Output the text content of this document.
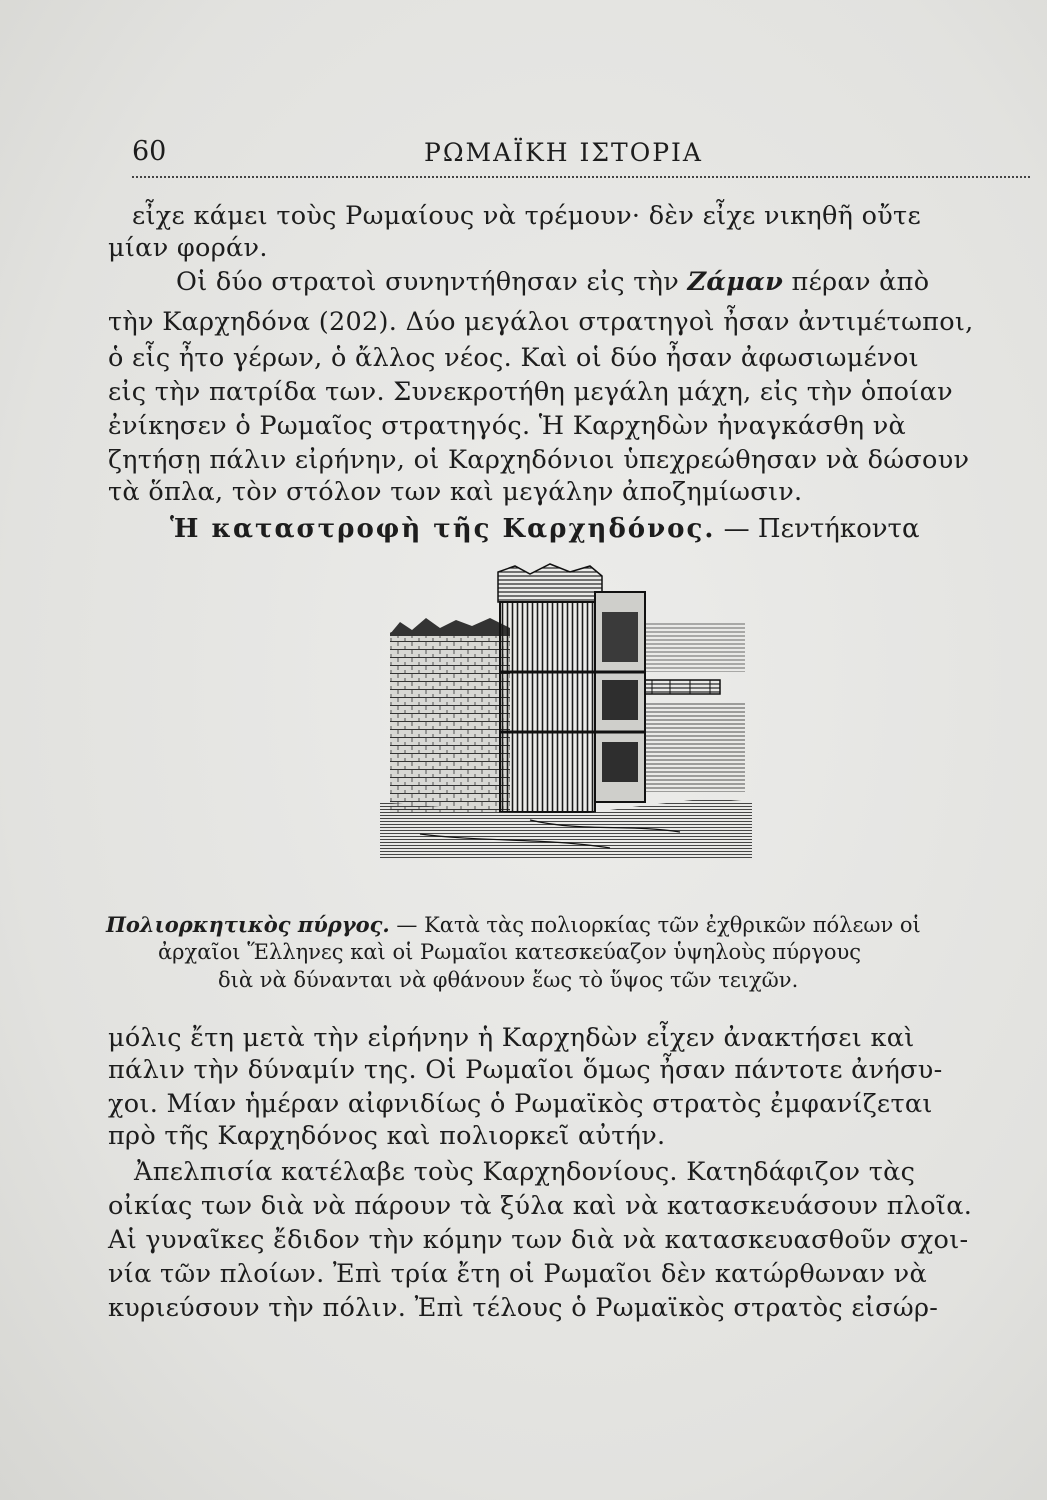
60	ΡΩΜΑΪΚΗ ΙΣΤΟΡΙΑ
εἶχε κάμει τοὺς Ρωμαίους νὰ τρέμουν· δὲν εἶχε νικηθῆ οὔτε
μίαν φοράν.
Οἱ δύο στρατοὶ συνηντήθησαν εἰς τὴν Ζάμαν πέραν ἀπὸ
τὴν Καρχηδόνα (202). Δύο μεγάλοι στρατηγοὶ ἦσαν ἀντιμέτωποι,
ὁ εἷς ἦτο γέρων, ὁ ἄλλος νέος. Καὶ οἱ δύο ἦσαν ἀφωσιωμένοι
εἰς τὴν πατρίδα των. Συνεκροτήθη μεγάλη μάχη, εἰς τὴν ὁποίαν
ἐνίκησεν ὁ Ρωμαῖος στρατηγός. Ἡ Καρχηδὼν ἠναγκάσθη νὰ
ζητήσῃ πάλιν εἰρήνην, οἱ Καρχηδόνιοι ὑπεχρεώθησαν νὰ δώσουν
τὰ ὅπλα, τὸν στόλον των καὶ μεγάλην ἀποζημίωσιν.
Ἡ καταστροφὴ τῆς Καρχηδόνος. — Πεντήκοντα
Πολιορκητικὸς πύργος. — Κατὰ τὰς πολιορκίας τῶν ἐχθρικῶν πόλεων οἱ
ἀρχαῖοι Ἕλληνες καὶ οἱ Ρωμαῖοι κατεσκεύαζον ὑψηλοὺς πύργους
διὰ νὰ δύνανται νὰ φθάνουν ἕως τὸ ὕψος τῶν τειχῶν.
μόλις ἔτη μετὰ τὴν εἰρήνην ἡ Καρχηδὼν εἶχεν ἀνακτήσει καὶ
πάλιν τὴν δύναμίν της. Οἱ Ρωμαῖοι ὅμως ἦσαν πάντοτε ἀνήσυ-
χοι. Μίαν ἡμέραν αἰφνιδίως ὁ Ρωμαϊκὸς στρατὸς ἐμφανίζεται
πρὸ τῆς Καρχηδόνος καὶ πολιορκεῖ αὐτήν.
Ἀπελπισία κατέλαβε τοὺς Καρχηδονίους. Κατηδάφιζον τὰς
οἰκίας των διὰ νὰ πάρουν τὰ ξύλα καὶ νὰ κατασκευάσουν πλοῖα.
Αἱ γυναῖκες ἔδιδον τὴν κόμην των διὰ νὰ κατασκευασθοῦν σχοι-
νία τῶν πλοίων. Ἐπὶ τρία ἔτη οἱ Ρωμαῖοι δὲν κατώρθωναν νὰ
κυριεύσουν τὴν πόλιν. Ἐπὶ τέλους ὁ Ρωμαϊκὸς στρατὸς εἰσώρ-
